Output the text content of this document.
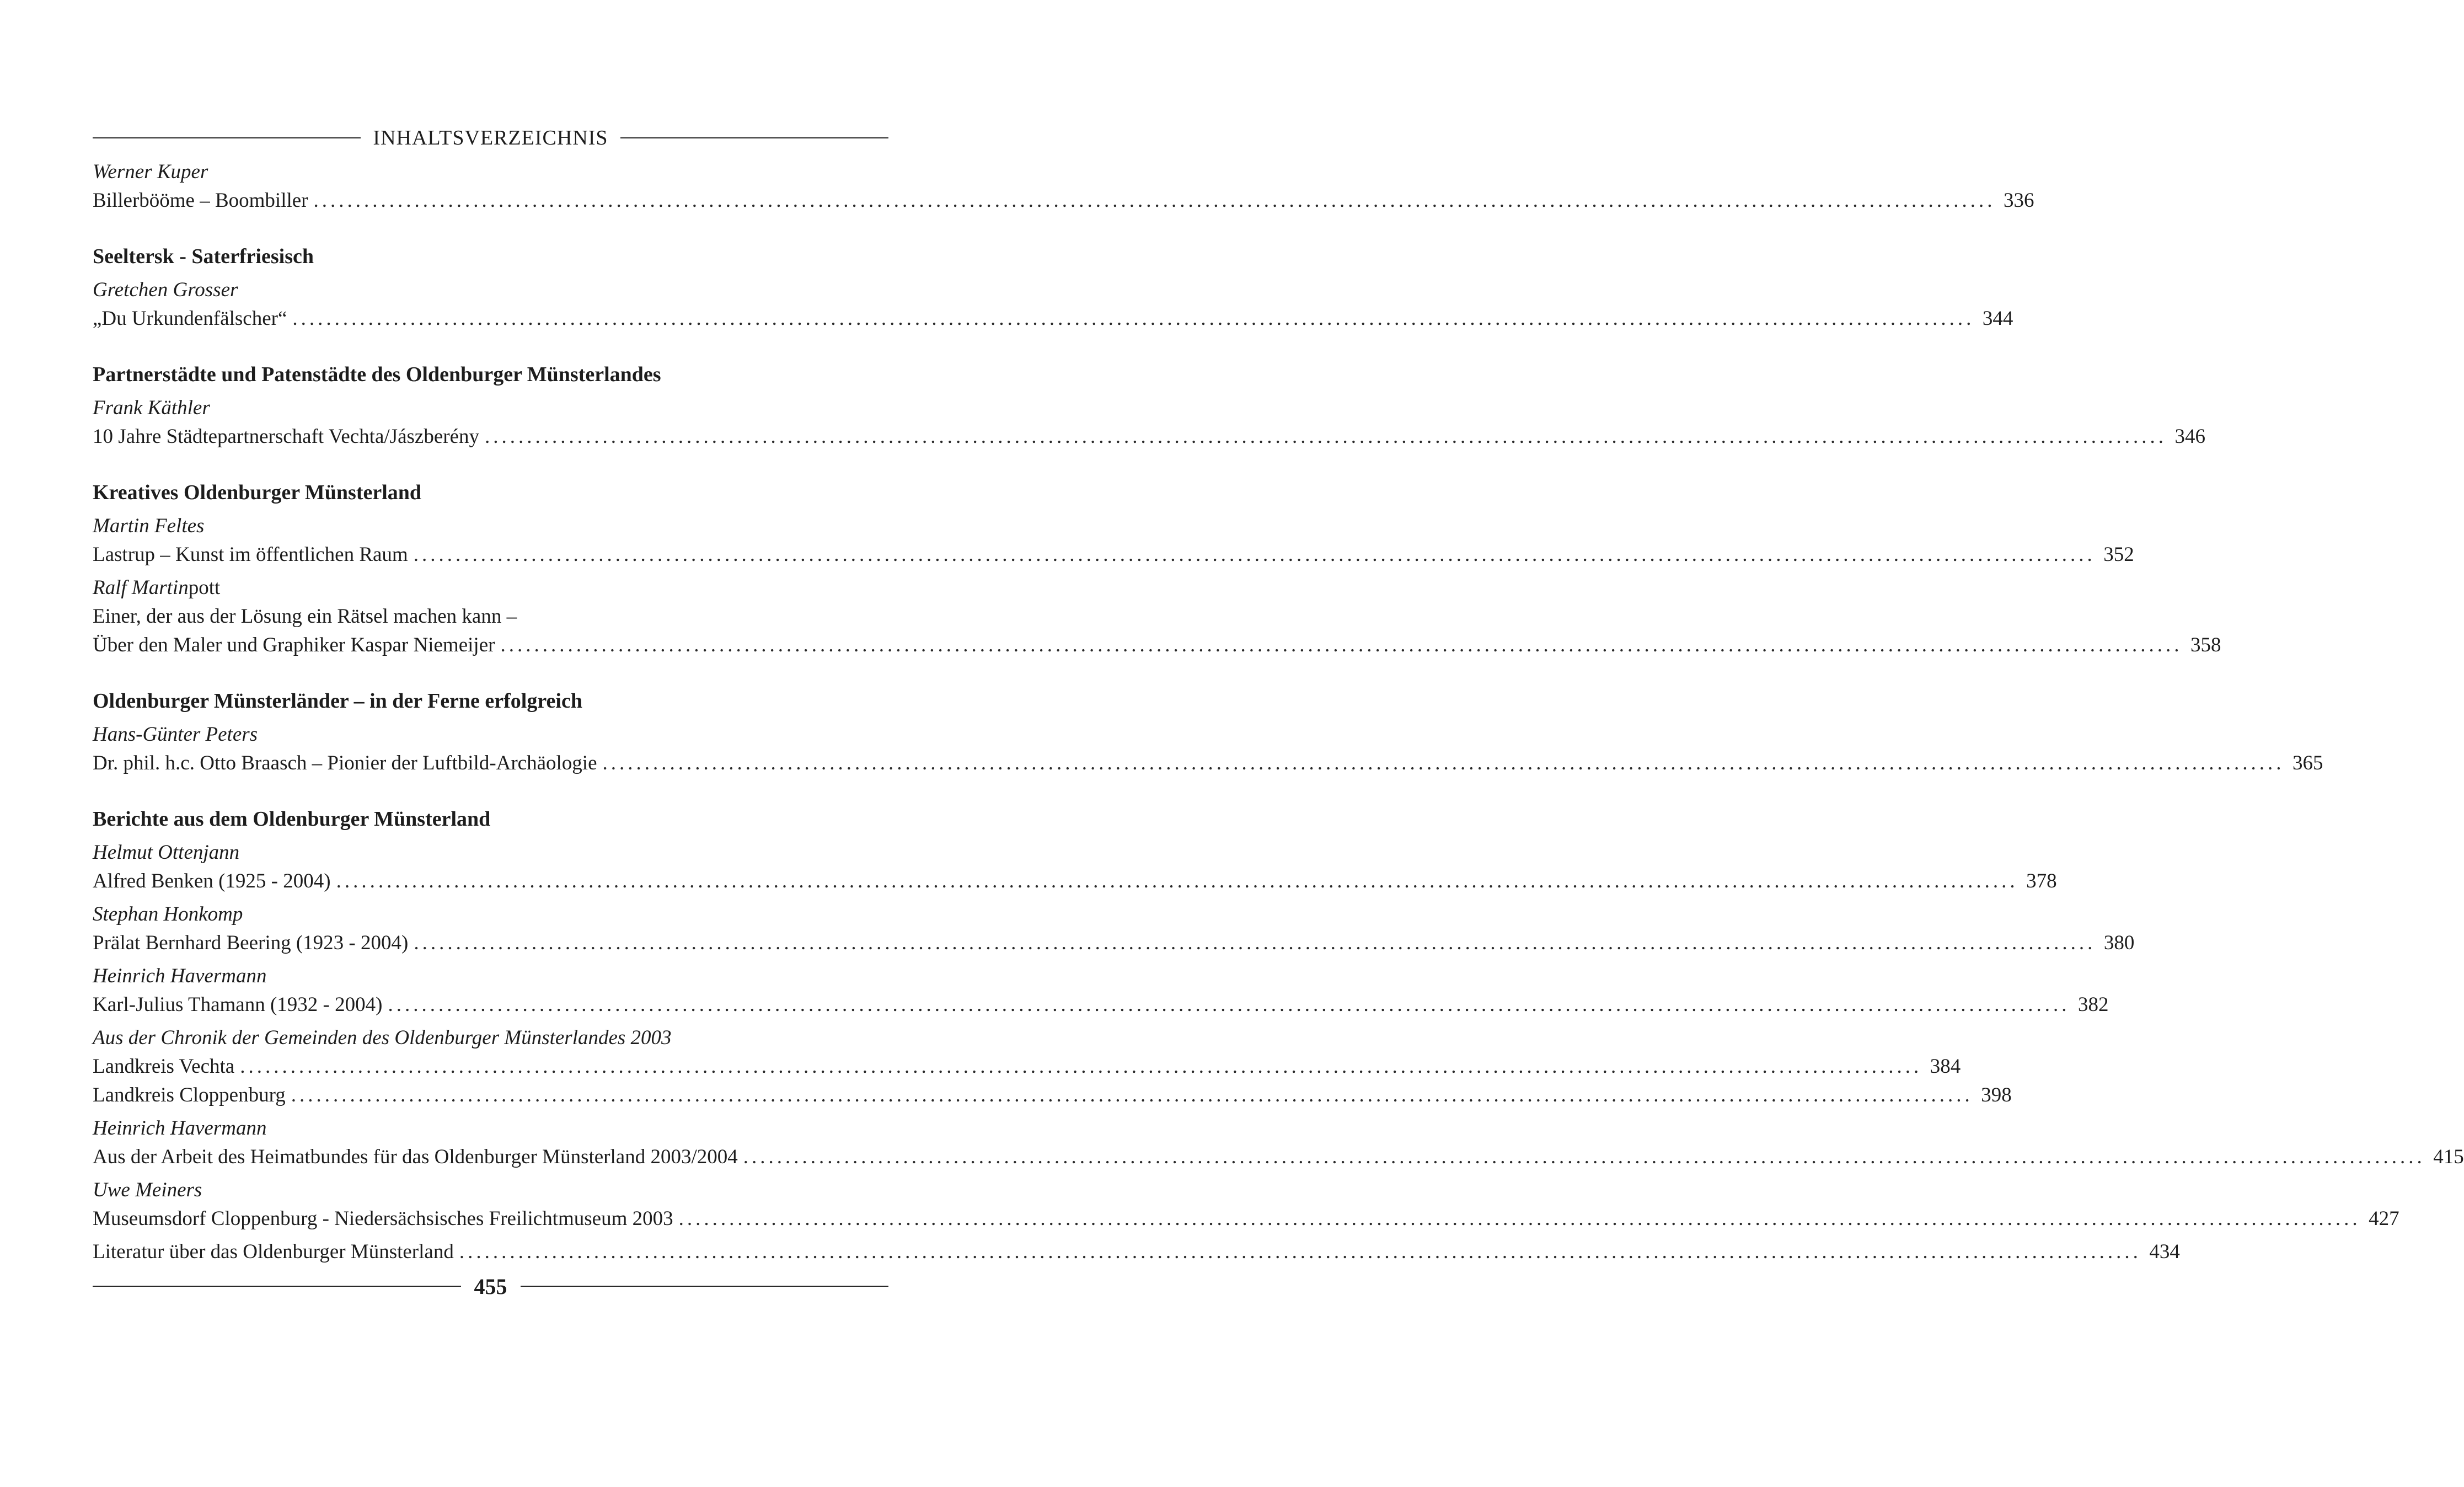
INHALTSVERZEICHNIS
Werner Kuper
Billerbööme – Boombiller ........................................................................................................................................................................................................ 336
Seeltersk - Saterfriesisch
Gretchen Grosser
„Du Urkundenfälscher“ ........................................................................................................................................................................................................ 344
Partnerstädte und Patenstädte des Oldenburger Münsterlandes
Frank Käthler
10 Jahre Städtepartnerschaft Vechta/Jászberény ........................................................................................................................................................................................................ 346
Kreatives Oldenburger Münsterland
Martin Feltes
Lastrup – Kunst im öffentlichen Raum ........................................................................................................................................................................................................ 352
Ralf Martinpott
Einer, der aus der Lösung ein Rätsel machen kann –
Über den Maler und Graphiker Kaspar Niemeijer ........................................................................................................................................................................................................ 358
Oldenburger Münsterländer – in der Ferne erfolgreich
Hans-Günter Peters
Dr. phil. h.c. Otto Braasch – Pionier der Luftbild-Archäologie ........................................................................................................................................................................................................ 365
Berichte aus dem Oldenburger Münsterland
Helmut Ottenjann
Alfred Benken (1925 - 2004) ........................................................................................................................................................................................................ 378
Stephan Honkomp
Prälat Bernhard Beering (1923 - 2004) ........................................................................................................................................................................................................ 380
Heinrich Havermann
Karl-Julius Thamann (1932 - 2004) ........................................................................................................................................................................................................ 382
Aus der Chronik der Gemeinden des Oldenburger Münsterlandes 2003
Landkreis Vechta ........................................................................................................................................................................................................ 384
Landkreis Cloppenburg ........................................................................................................................................................................................................ 398
Heinrich Havermann
Aus der Arbeit des Heimatbundes für das Oldenburger Münsterland 2003/2004 ........................................................................................................................................................................................................ 415
Uwe Meiners
Museumsdorf Cloppenburg - Niedersächsisches Freilichtmuseum 2003 ........................................................................................................................................................................................................ 427
Literatur über das Oldenburger Münsterland ........................................................................................................................................................................................................ 434
455
